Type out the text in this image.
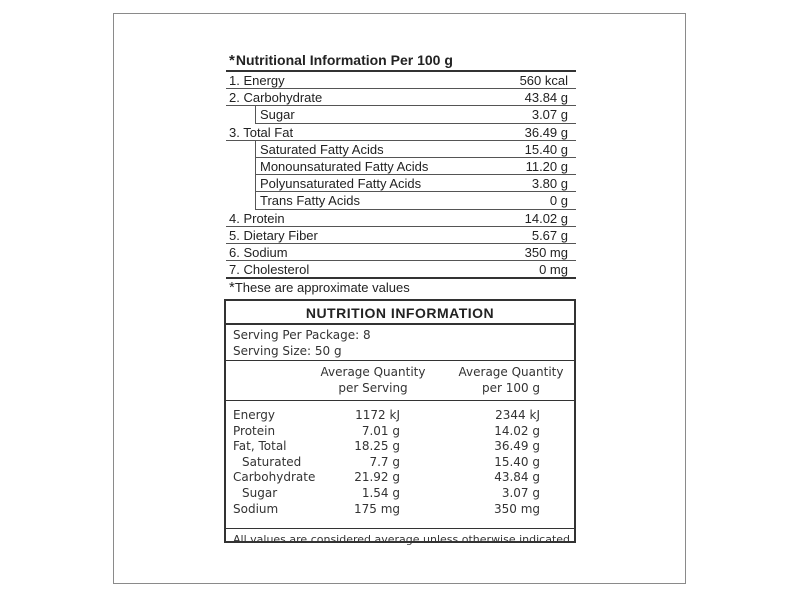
*Nutritional Information Per 100 g
1. Energy	560 kcal
2. Carbohydrate	43.84 g
Sugar	3.07 g
3. Total Fat	36.49 g
Saturated Fatty Acids	15.40 g
Monounsaturated Fatty Acids	11.20 g
Polyunsaturated Fatty Acids	3.80 g
Trans Fatty Acids	0 g
4. Protein	14.02 g
5. Dietary Fiber	5.67 g
6. Sodium	350 mg
7. Cholesterol	0 mg
*These are approximate values
NUTRITION INFORMATION
Serving Per Package: 8
Serving Size: 50 g
Average Quantity
per Serving
Average Quantity
per 100 g
Energy	1172 kJ	2344 kJ
Protein	7.01 g	14.02 g
Fat, Total	18.25 g	36.49 g
Saturated	7.7 g	15.40 g
Carbohydrate	21.92 g	43.84 g
Sugar	1.54 g	3.07 g
Sodium	175 mg	350 mg
All values are considered average unless otherwise indicated.
